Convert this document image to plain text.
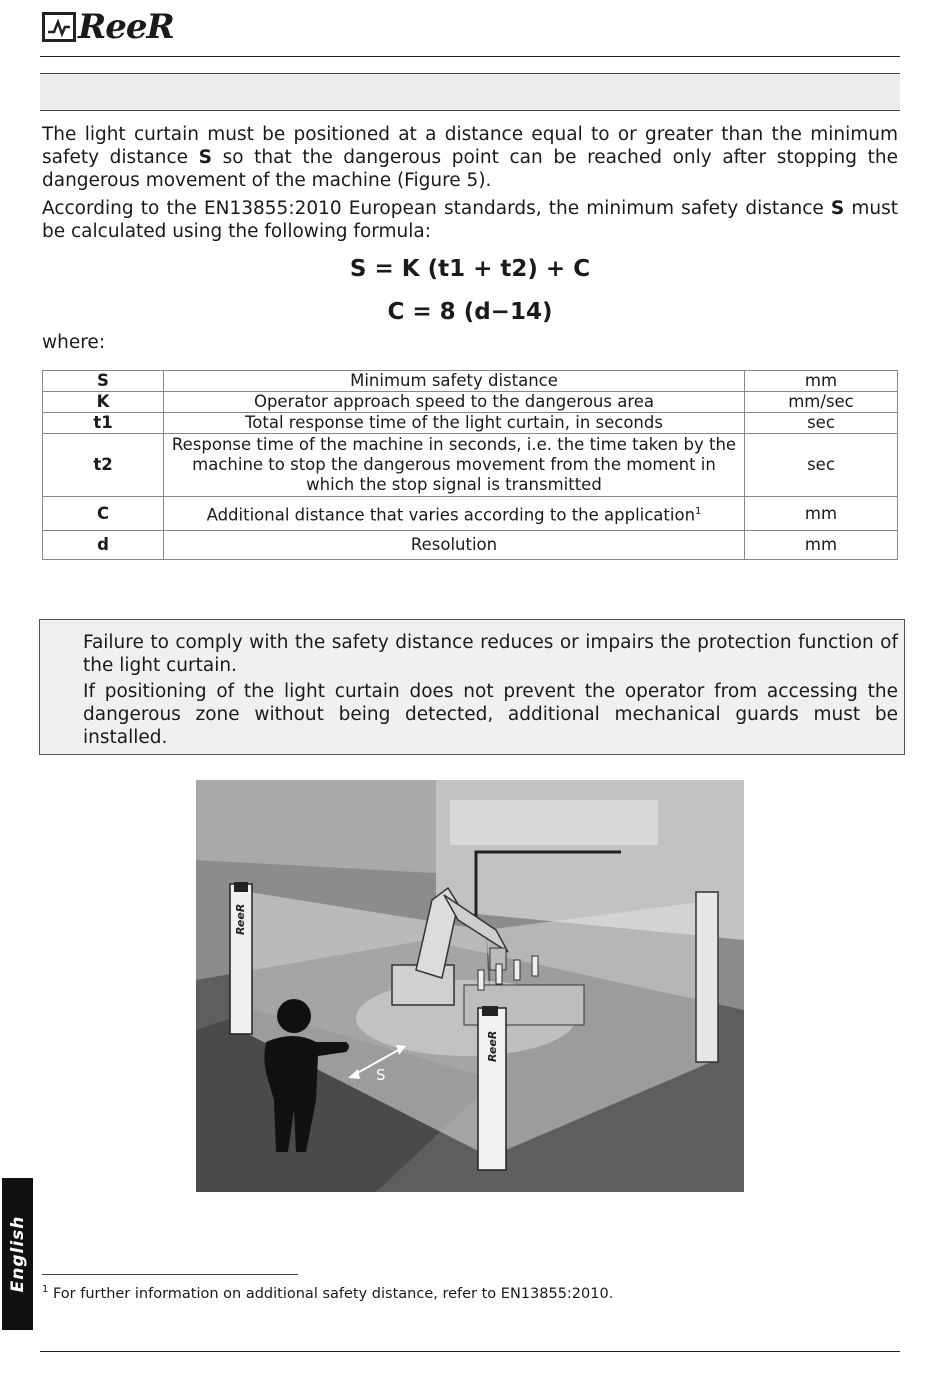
ReeR
The light curtain must be positioned at a distance equal to or greater than the minimum safety distance S so that the dangerous point can be reached only after stopping the dangerous movement of the machine (Figure 5).
According to the EN13855:2010 European standards, the minimum safety distance S must be calculated using the following formula:
S = K (t1 + t2) + C
C = 8 (d−14)
where:
S	Minimum safety distance	mm
K	Operator approach speed to the dangerous area	mm/sec
t1	Total response time of the light curtain, in seconds	sec
t2	Response time of the machine in seconds, i.e. the time taken by the machine to stop the dangerous movement from the moment in which the stop signal is transmitted	sec
C	Additional distance that varies according to the application$^1$	mm
d	Resolution	mm

Failure to comply with the safety distance reduces or impairs the protection function of the light curtain.

If positioning of the light curtain does not prevent the operator from accessing the dangerous zone without being detected, additional mechanical guards must be installed.

ReeR
ReeR
S
English $^1$ For further information on additional safety distance, refer to EN13855:2010.
